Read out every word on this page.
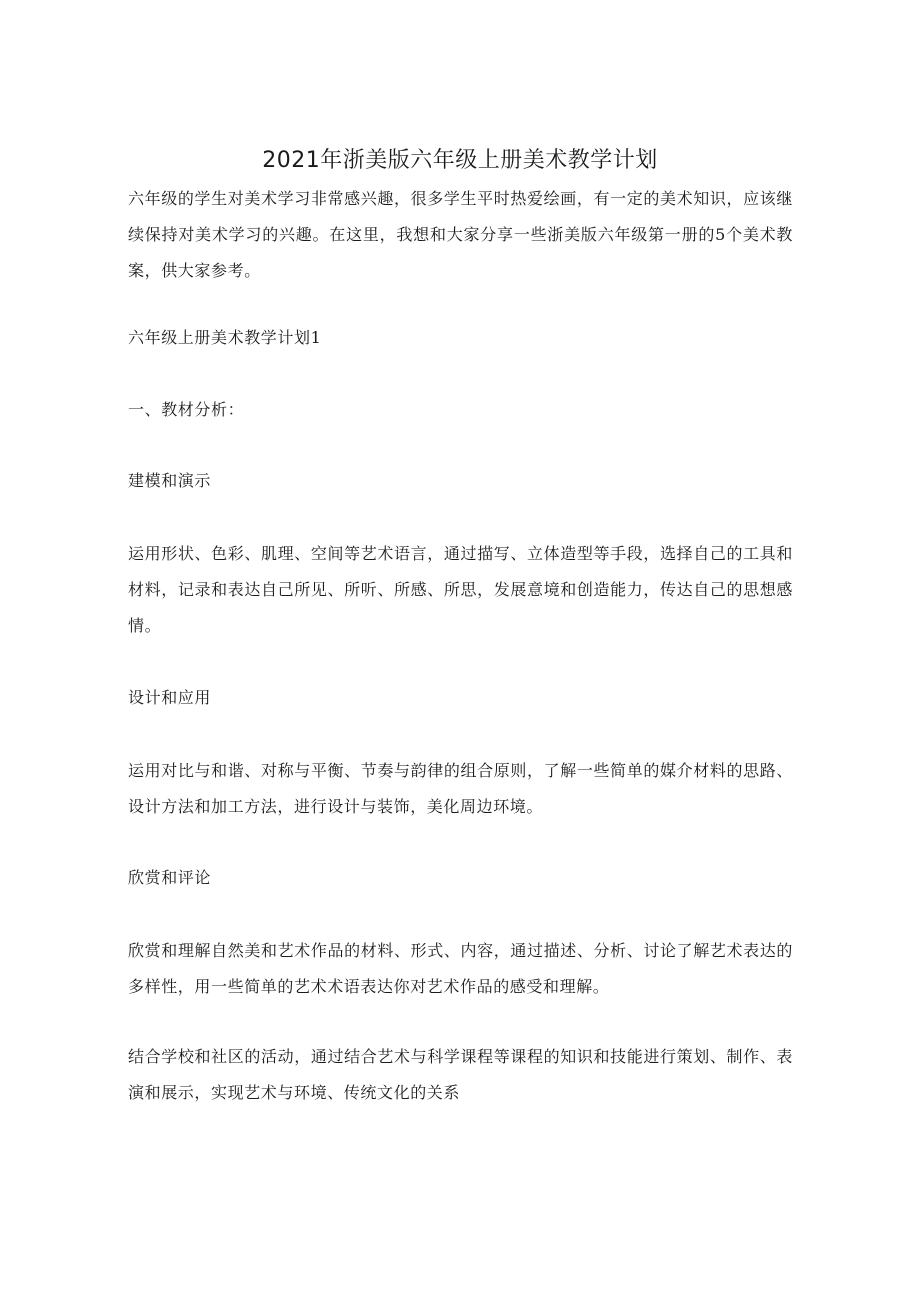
2021年浙美版六年级上册美术教学计划

六年级的学生对美术学习非常感兴趣，很多学生平时热爱绘画，有一定的美术知识，应该继续保持对美术学习的兴趣。在这里，我想和大家分享一些浙美版六年级第一册的5个美术教案，供大家参考。

六年级上册美术教学计划1

一、教材分析：

建模和演示

运用形状、色彩、肌理、空间等艺术语言，通过描写、立体造型等手段，选择自己的工具和材料，记录和表达自己所见、所听、所感、所思，发展意境和创造能力，传达自己的思想感情。

设计和应用

运用对比与和谐、对称与平衡、节奏与韵律的组合原则，了解一些简单的媒介材料的思路、设计方法和加工方法，进行设计与装饰，美化周边环境。

欣赏和评论

欣赏和理解自然美和艺术作品的材料、形式、内容，通过描述、分析、讨论了解艺术表达的多样性，用一些简单的艺术术语表达你对艺术作品的感受和理解。

结合学校和社区的活动，通过结合艺术与科学课程等课程的知识和技能进行策划、制作、表演和展示，实现艺术与环境、传统文化的关系
